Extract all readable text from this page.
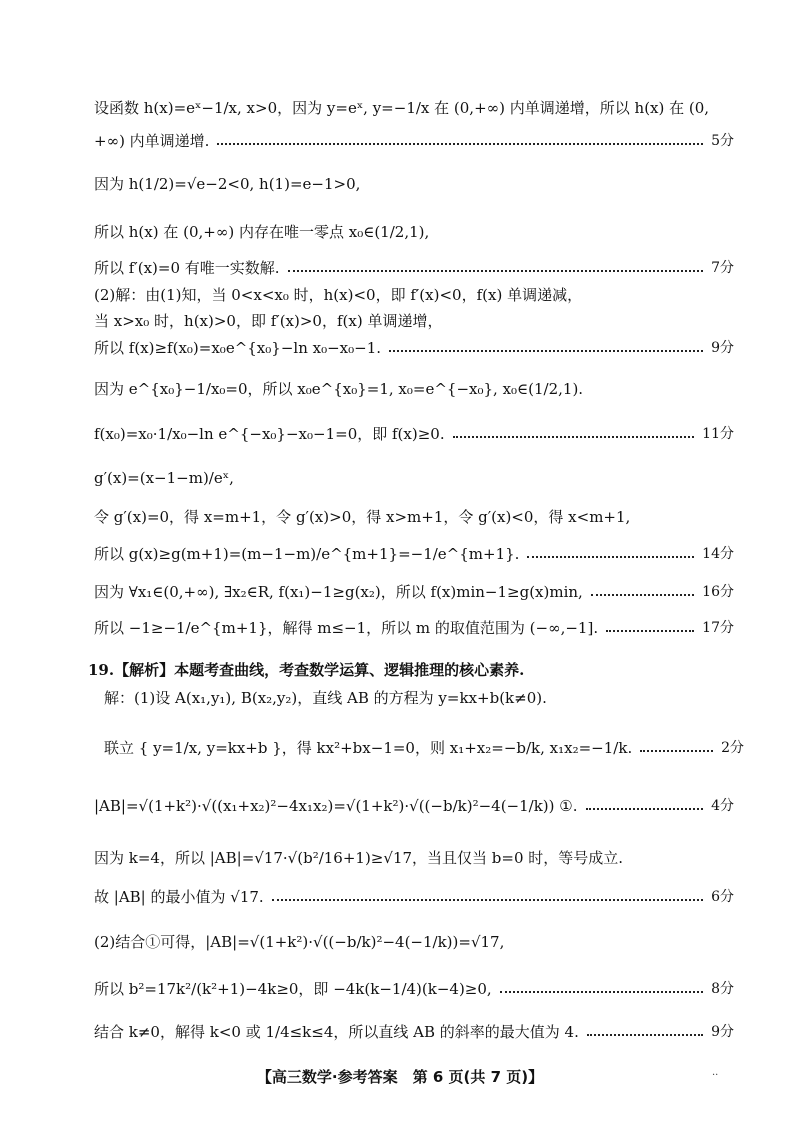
设函数 h(x)=eˣ−1/x, x>0，因为 y=eˣ, y=−1/x 在 (0,+∞) 内单调递增，所以 h(x) 在 (0,
+∞) 内单调递增.	5分
因为 h(1/2)=√e−2<0, h(1)=e−1>0,
所以 h(x) 在 (0,+∞) 内存在唯一零点 x₀∈(1/2,1),
所以 f′(x)=0 有唯一实数解.	7分
(2)解：由(1)知，当 0<x<x₀ 时，h(x)<0，即 f′(x)<0，f(x) 单调递减，
当 x>x₀ 时，h(x)>0，即 f′(x)>0，f(x) 单调递增，
所以 f(x)≥f(x₀)=x₀e^{x₀}−ln x₀−x₀−1.	9分
因为 e^{x₀}−1/x₀=0，所以 x₀e^{x₀}=1, x₀=e^{−x₀}, x₀∈(1/2,1).
f(x₀)=x₀·1/x₀−ln e^{−x₀}−x₀−1=0，即 f(x)≥0.	11分
g′(x)=(x−1−m)/eˣ,
令 g′(x)=0，得 x=m+1，令 g′(x)>0，得 x>m+1，令 g′(x)<0，得 x<m+1,
所以 g(x)≥g(m+1)=(m−1−m)/e^{m+1}=−1/e^{m+1}.	14分
因为 ∀x₁∈(0,+∞), ∃x₂∈R, f(x₁)−1≥g(x₂)，所以 f(x)min−1≥g(x)min,	16分
所以 −1≥−1/e^{m+1}，解得 m≤−1，所以 m 的取值范围为 (−∞,−1].	17分
19.【解析】本题考查曲线，考查数学运算、逻辑推理的核心素养.
解：(1)设 A(x₁,y₁), B(x₂,y₂)，直线 AB 的方程为 y=kx+b(k≠0).
联立 { y=1/x, y=kx+b }，得 kx²+bx−1=0，则 x₁+x₂=−b/k, x₁x₂=−1/k.	2分
|AB|=√(1+k²)·√((x₁+x₂)²−4x₁x₂)=√(1+k²)·√((−b/k)²−4(−1/k)) ①.	4分
因为 k=4，所以 |AB|=√17·√(b²/16+1)≥√17，当且仅当 b=0 时，等号成立.
故 |AB| 的最小值为 √17.	6分
(2)结合①可得，|AB|=√(1+k²)·√((−b/k)²−4(−1/k))=√17,
所以 b²=17k²/(k²+1)−4k≥0，即 −4k(k−1/4)(k−4)≥0,	8分
结合 k≠0，解得 k<0 或 1/4≤k≤4，所以直线 AB 的斜率的最大值为 4.	9分
【高三数学·参考答案　第 6 页(共 7 页)】	··
